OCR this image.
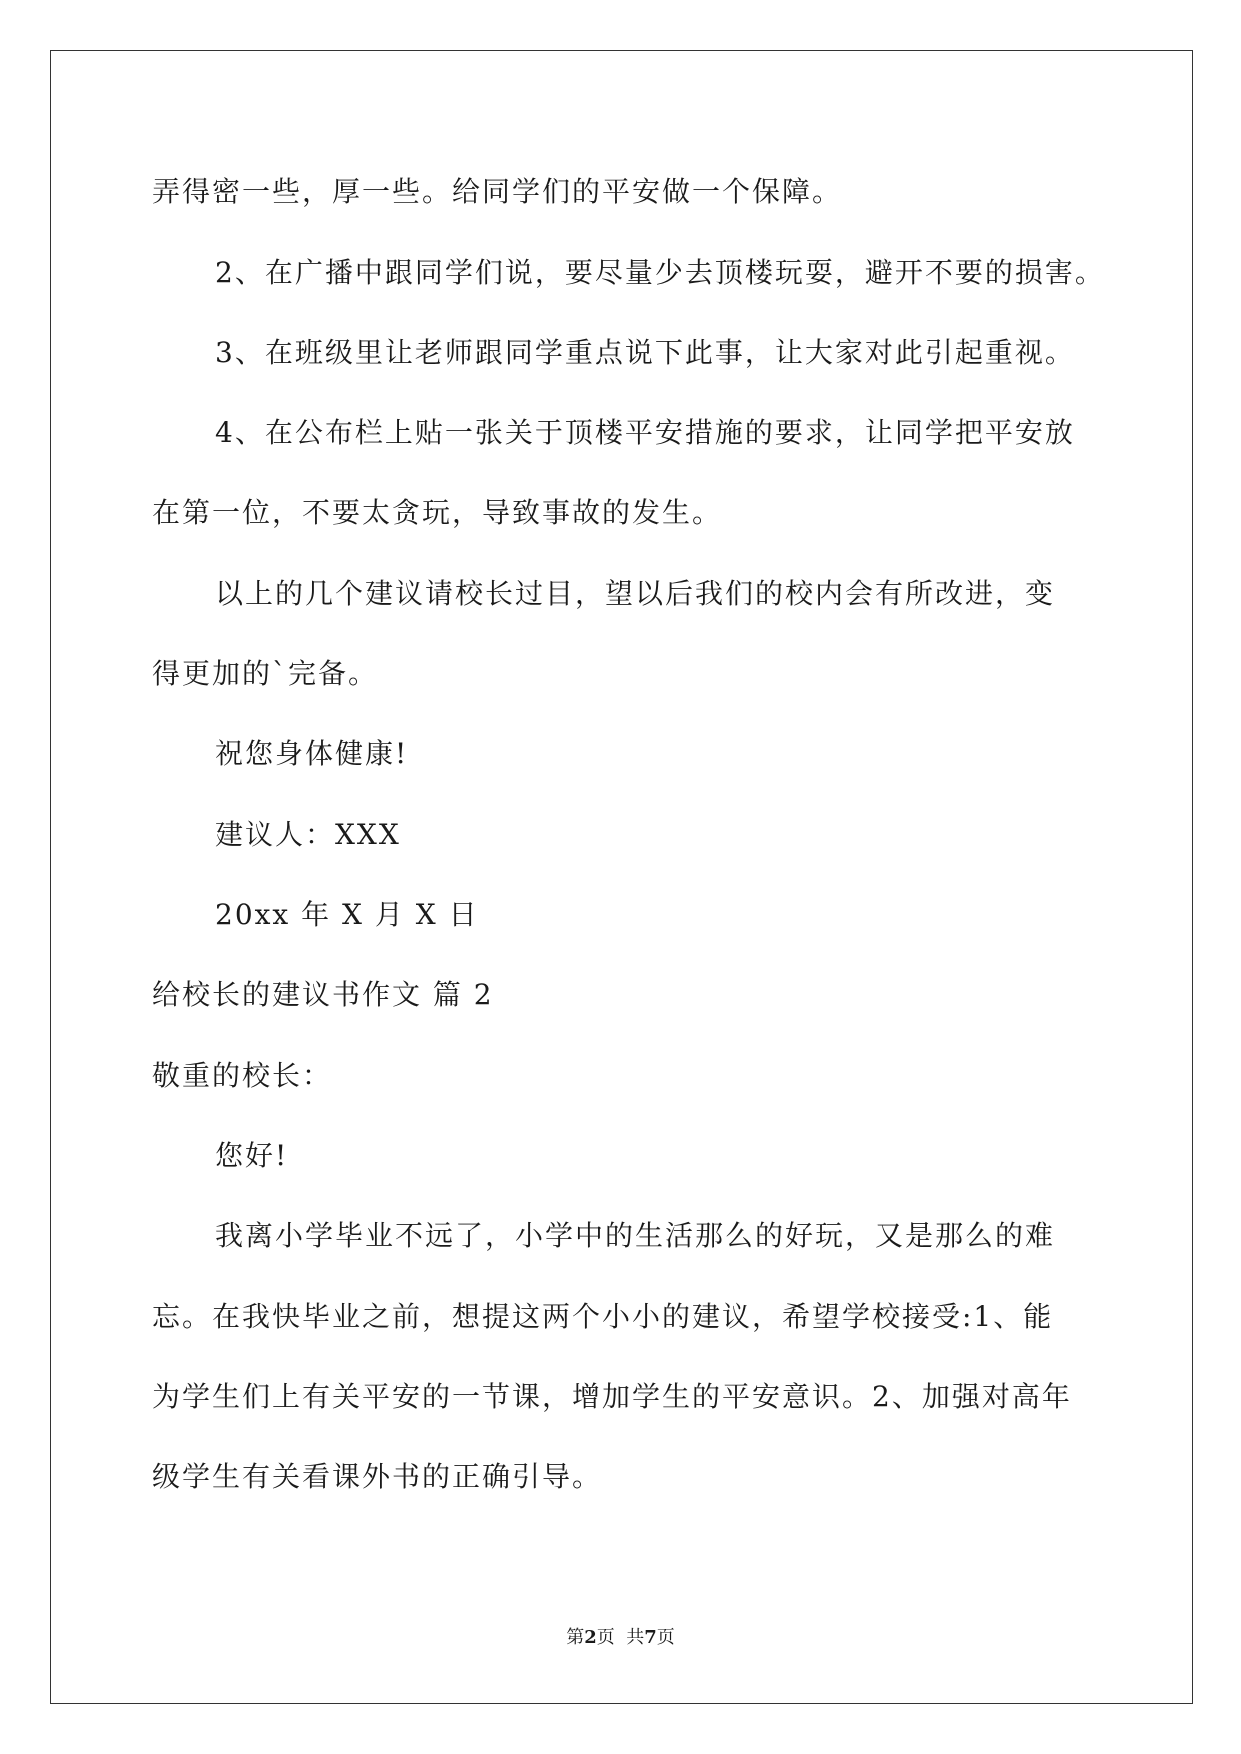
弄得密一些，厚一些。给同学们的平安做一个保障。
2、在广播中跟同学们说，要尽量少去顶楼玩耍，避开不要的损害。
3、在班级里让老师跟同学重点说下此事，让大家对此引起重视。
4、在公布栏上贴一张关于顶楼平安措施的要求，让同学把平安放
在第一位，不要太贪玩，导致事故的发生。
以上的几个建议请校长过目，望以后我们的校内会有所改进，变
得更加的`完备。
祝您身体健康!
建议人：XXX
20xx 年 X 月 X 日
给校长的建议书作文 篇 2
敬重的校长：
您好!
我离小学毕业不远了，小学中的生活那么的好玩，又是那么的难
忘。在我快毕业之前，想提这两个小小的建议，希望学校接受:1、能
为学生们上有关平安的一节课，增加学生的平安意识。2、加强对高年
级学生有关看课外书的正确引导。
第2页  共7页
